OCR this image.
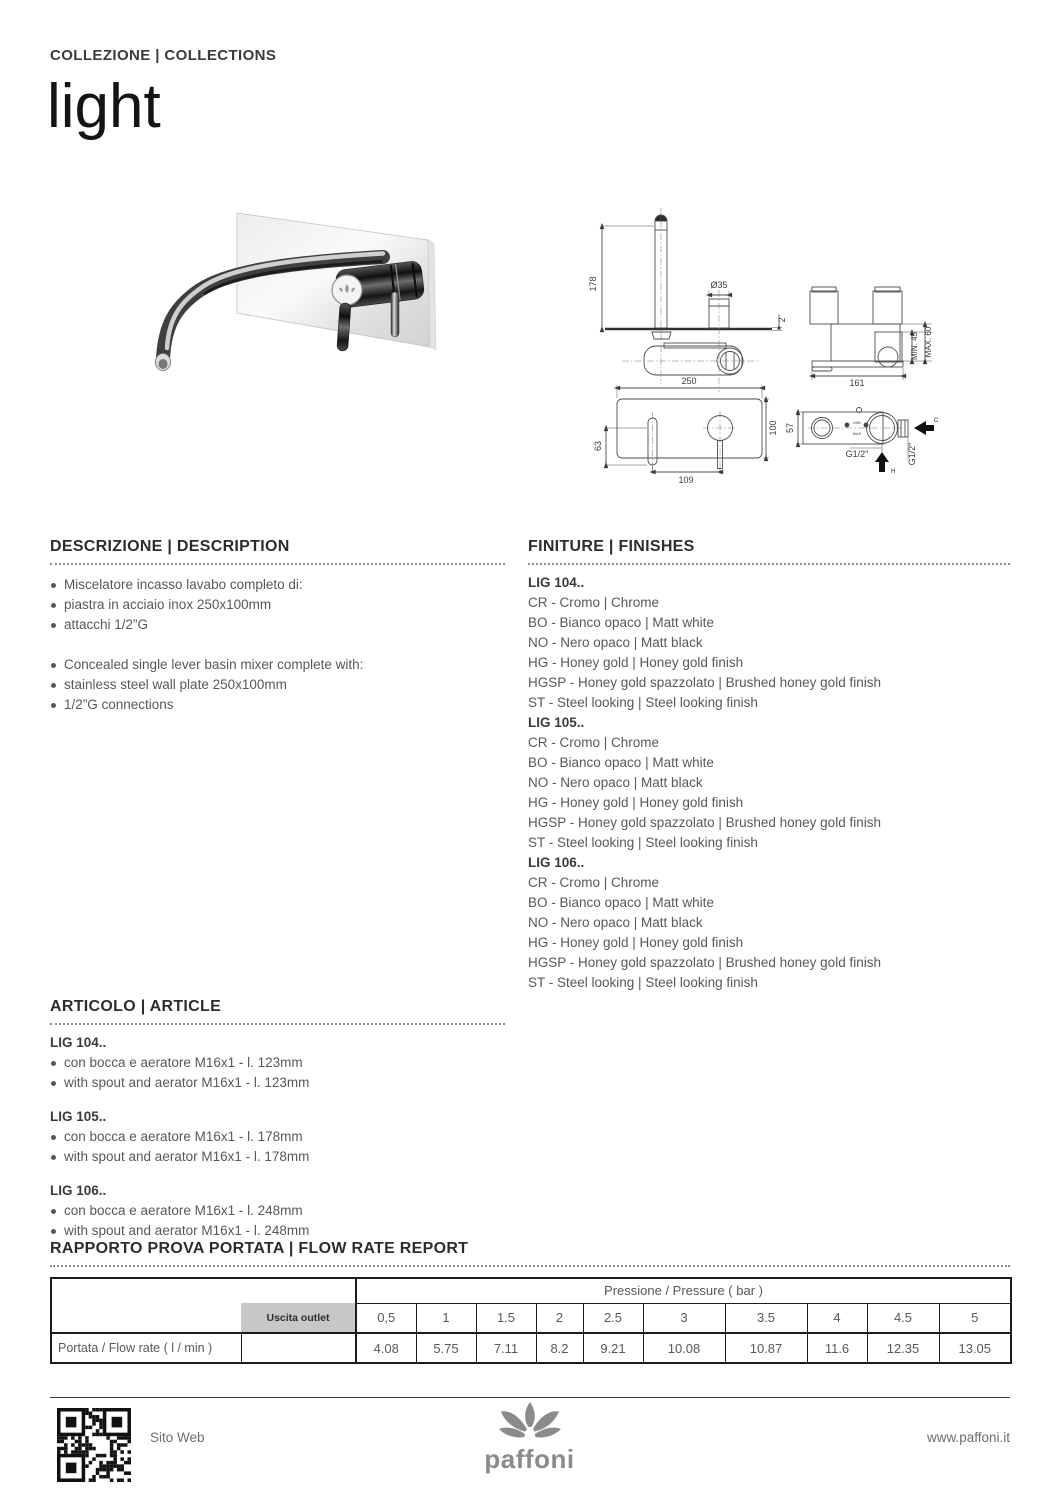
COLLEZIONE | COLLECTIONS
light
178	Ø35
2
250
100
63
109
161
MIN. 45 MAX. 60
57
G1/2"	G1/2"
MIN
MAX
C
H
DESCRIZIONE | DESCRIPTION
Miscelatore incasso lavabo completo di:
piastra in acciaio inox 250x100mm
attacchi 1/2”G
Concealed single lever basin mixer complete with:
stainless steel wall plate 250x100mm
1/2”G connections
FINITURE | FINISHES
LIG 104..
CR - Cromo | Chrome
BO - Bianco opaco | Matt white
NO - Nero opaco | Matt black
HG - Honey gold | Honey gold finish
HGSP - Honey gold spazzolato | Brushed honey gold finish
ST - Steel looking | Steel looking finish
LIG 105..
CR - Cromo | Chrome
BO - Bianco opaco | Matt white
NO - Nero opaco | Matt black
HG - Honey gold | Honey gold finish
HGSP - Honey gold spazzolato | Brushed honey gold finish
ST - Steel looking | Steel looking finish
LIG 106..
CR - Cromo | Chrome
BO - Bianco opaco | Matt white
NO - Nero opaco | Matt black
HG - Honey gold | Honey gold finish
HGSP - Honey gold spazzolato | Brushed honey gold finish
ST - Steel looking | Steel looking finish
ARTICOLO | ARTICLE
LIG 104..
con bocca e aeratore M16x1 - l. 123mm
with spout and aerator M16x1 - l. 123mm
LIG 105..
con bocca e aeratore M16x1 - l. 178mm
with spout and aerator M16x1 - l. 178mm
LIG 106..
con bocca e aeratore M16x1 - l. 248mm
with spout and aerator M16x1 - l. 248mm
RAPPORTO PROVA PORTATA | FLOW RATE REPORT
		Pressione / Pressure ( bar )									
	Uscita outlet	0,5	1	1.5	2	2.5	3	3.5	4	4.5	5
Portata / Flow rate ( l / min )		4.08	5.75	7.11	8.2	9.21	10.08	10.87	11.6	12.35	13.05
Sito Web
paffoni
www.paffoni.it
